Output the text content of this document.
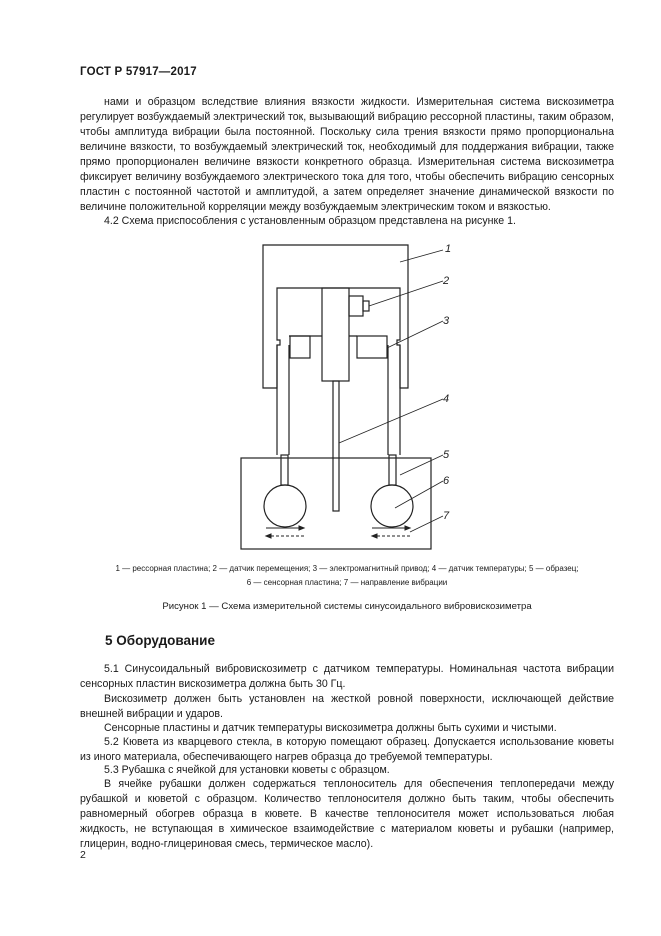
ГОСТ Р 57917—2017
нами и образцом вследствие влияния вязкости жидкости. Измерительная система вискозиметра регулирует возбуждаемый электрический ток, вызывающий вибрацию рессорной пластины, таким образом, чтобы амплитуда вибрации была постоянной. Поскольку сила трения вязкости прямо пропорциональна величине вязкости, то возбуждаемый электрический ток, необходимый для поддержания вибрации, также прямо пропорционален величине вязкости конкретного образца. Измерительная система вискозиметра фиксирует величину возбуждаемого электрического тока для того, чтобы обеспечить вибрацию сенсорных пластин с постоянной частотой и амплитудой, а затем определяет значение динамической вязкости по величине положительной корреляции между возбуждаемым электрическим током и вязкостью.
4.2 Схема приспособления с установленным образцом представлена на рисунке 1.
1
2
3
4
5
6
7
1 — рессорная пластина; 2 — датчик перемещения; 3 — электромагнитный привод; 4 — датчик температуры; 5 — образец;
6 — сенсорная пластина; 7 — направление вибрации
Рисунок 1 — Схема измерительной системы синусоидального вибровискозиметра
5 Оборудование
5.1 Синусоидальный вибровискозиметр с датчиком температуры. Номинальная частота вибрации сенсорных пластин вискозиметра должна быть 30 Гц.
Вискозиметр должен быть установлен на жесткой ровной поверхности, исключающей действие внешней вибрации и ударов.
Сенсорные пластины и датчик температуры вискозиметра должны быть сухими и чистыми.
5.2 Кювета из кварцевого стекла, в которую помещают образец. Допускается использование кюветы из иного материала, обеспечивающего нагрев образца до требуемой температуры.
5.3 Рубашка с ячейкой для установки кюветы с образцом.
В ячейке рубашки должен содержаться теплоноситель для обеспечения теплопередачи между рубашкой и кюветой с образцом. Количество теплоносителя должно быть таким, чтобы обеспечить равномерный обогрев образца в кювете. В качестве теплоносителя может использоваться любая жидкость, не вступающая в химическое взаимодействие с материалом кюветы и рубашки (например, глицерин, водно-глицериновая смесь, термическое масло).
2
